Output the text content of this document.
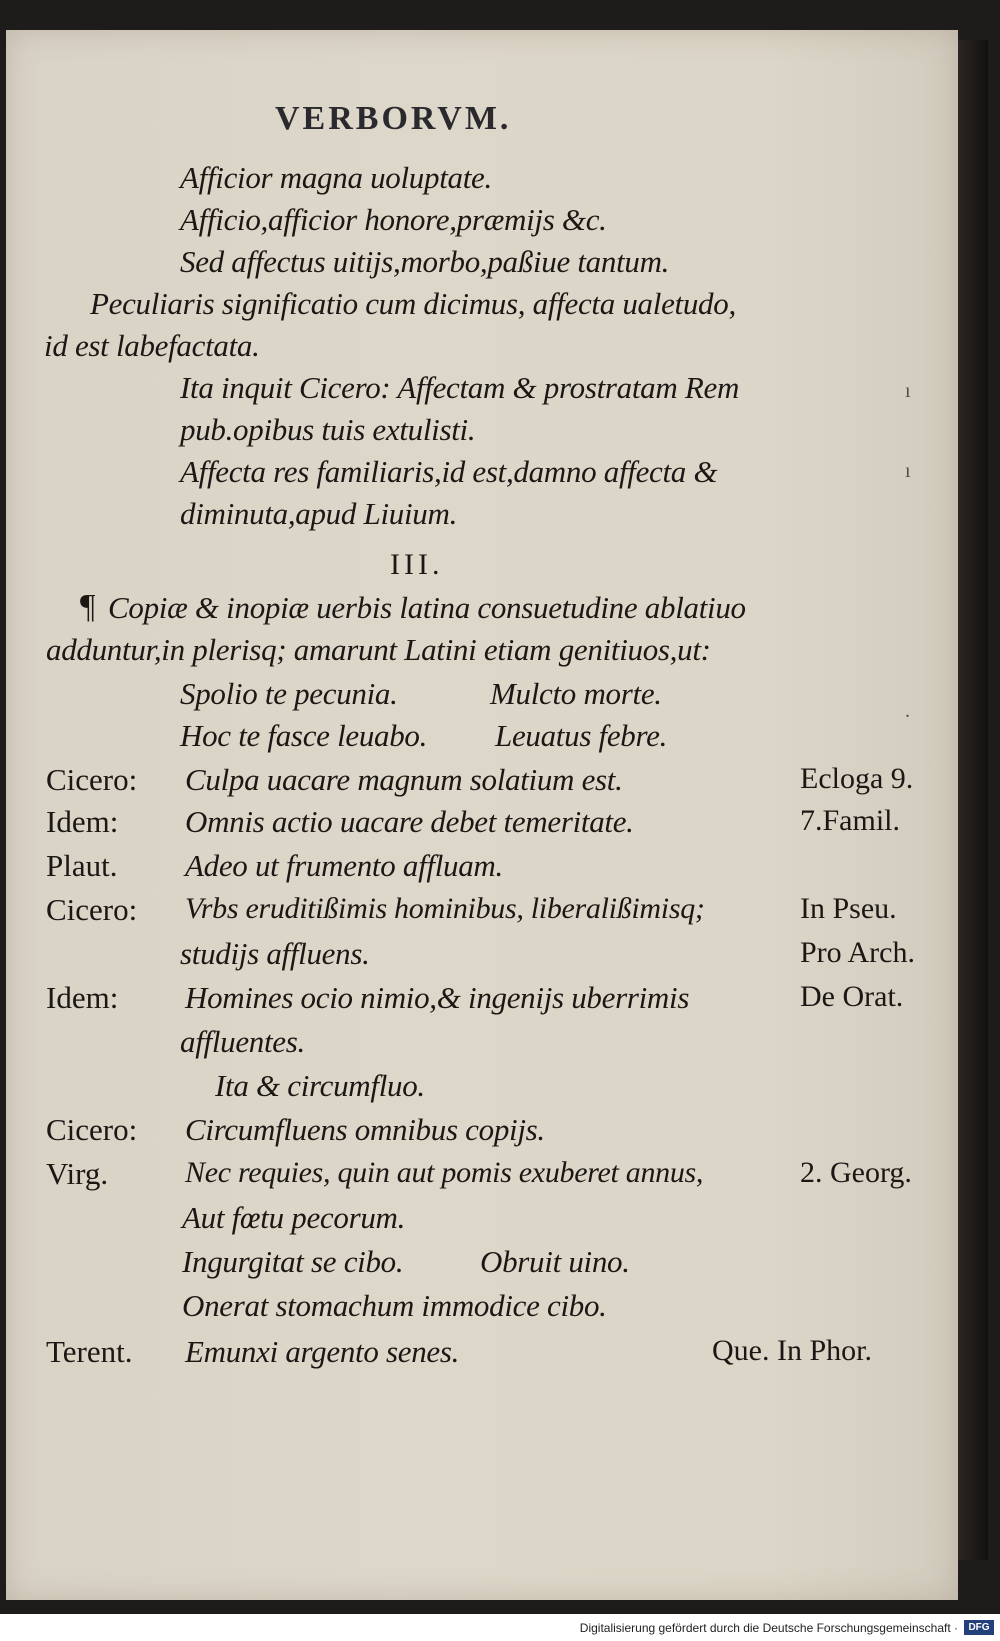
ı
ı
.
VERBORVM.
Afficior magna uoluptate.
Afficio,afficior honore,præmijs &c.
Sed affectus uitijs,morbo,paßiue tantum.
Peculiaris significatio cum dicimus, affecta ualetudo,
id est labefactata.
Ita inquit Cicero: Affectam & prostratam Rem
pub.opibus tuis extulisti.
Affecta res familiaris,id est,damno affecta &
diminuta,apud Liuium.
III.
¶ Copiæ & inopiæ uerbis latina consuetudine ablatiuo
adduntur,in plerisq; amarunt Latini etiam genitiuos,ut:
Spolio te pecunia.	Mulcto morte.
Hoc te fasce leuabo. Leuatus febre.
Cicero: Culpa uacare magnum solatium est.	Ecloga 9.
Idem: Omnis actio uacare debet temeritate.	7.Famil.
Plaut. Adeo ut frumento affluam.
Cicero: Vrbs eruditißimis hominibus, liberalißimisq;	In Pseu.
studijs affluens.	Pro Arch.
Idem: Homines ocio nimio,& ingenijs uberrimis	De Orat.
affluentes.
Ita & circumfluo.
Cicero: Circumfluens omnibus copijs.
Virg.	Nec requies, quin aut pomis exuberet annus,	2. Georg.
Aut fœtu pecorum.
Ingurgitat se cibo. Obruit uino.
Onerat stomachum immodice cibo.
Terent. Emunxi argento senes.	Que. In Phor.
Digitalisierung gefördert durch die Deutsche Forschungsgemeinschaft ·	DFG
